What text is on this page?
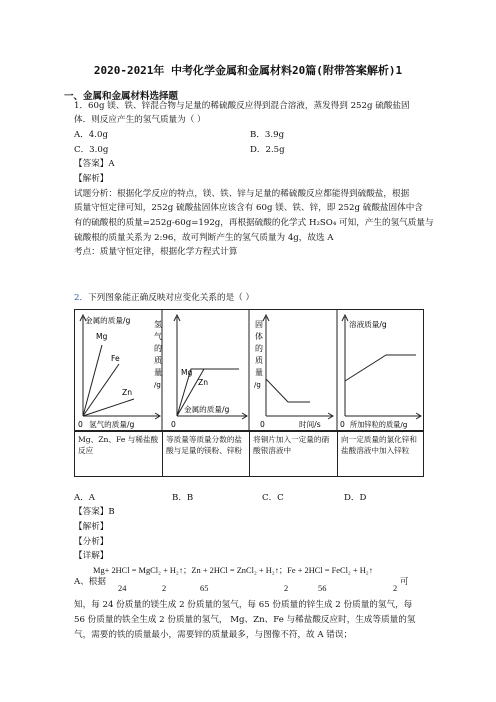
2020-2021年 中考化学金属和金属材料20篇(附带答案解析)1
一、金属和金属材料选择题
1．60g 镁、铁、锌混合物与足量的稀硫酸反应得到混合溶液，蒸发得到 252g 硫酸盐固
体．则反应产生的氢气质量为（ ）
A．4.0g	B．3.9g
C．3.0g	D．2.5g
【答案】A
【解析】
试题分析：根据化学反应的特点，镁、铁、锌与足量的稀硫酸反应都能得到硫酸盐，根据
质量守恒定律可知，252g 硫酸盐固体应该含有 60g 镁、铁、锌，即 252g 硫酸盐固体中含
有的硫酸根的质量=252g-60g=192g，再根据硫酸的化学式 H₂SO₄ 可知，产生的氢气质量与
硫酸根的质量关系为 2:96，故可判断产生的氢气质量为 4g，故选 A
考点：质量守恒定律，根据化学方程式计算
2．下列图象能正确反映对应变化关系的是（ ）
金属的质量/g
Mg
Fe
Zn
0 氢气的质量/g
氢
气
的
质
量
/g
Mg
Zn
0
金属的质量/g
固
体
的
质
量
/g
0	时间/s
溶液质量/g
0 所加锌粒的质量/g
Mg、Zn、Fe 与稀盐酸反应	等质量等质量分数的盐酸与足量的镁粉、锌粉	将铜片加入一定量的硝酸银溶液中	向一定质量的氯化锌和盐酸溶液中加入锌粒
A．A	B．B	C．C	D．D
【答案】B
【解析】
【分析】
【详解】
Mg+ 2HCl = MgCl₂ + H₂↑；Zn + 2HCl = ZnCl₂ + H₂↑；Fe + 2HCl = FeCl₂ + H₂↑
A、根据	可
24	2	65	2	56	2
知，每 24 份质量的镁生成 2 份质量的氢气，每 65 份质量的锌生成 2 份质量的氢气，每
56 份质量的铁全生成 2 份质量的氢气， Mg、Zn、Fe 与稀盐酸反应时，生成等质量的氢
气，需要的铁的质量最小，需要锌的质量最多，与图像不符，故 A 错误；
